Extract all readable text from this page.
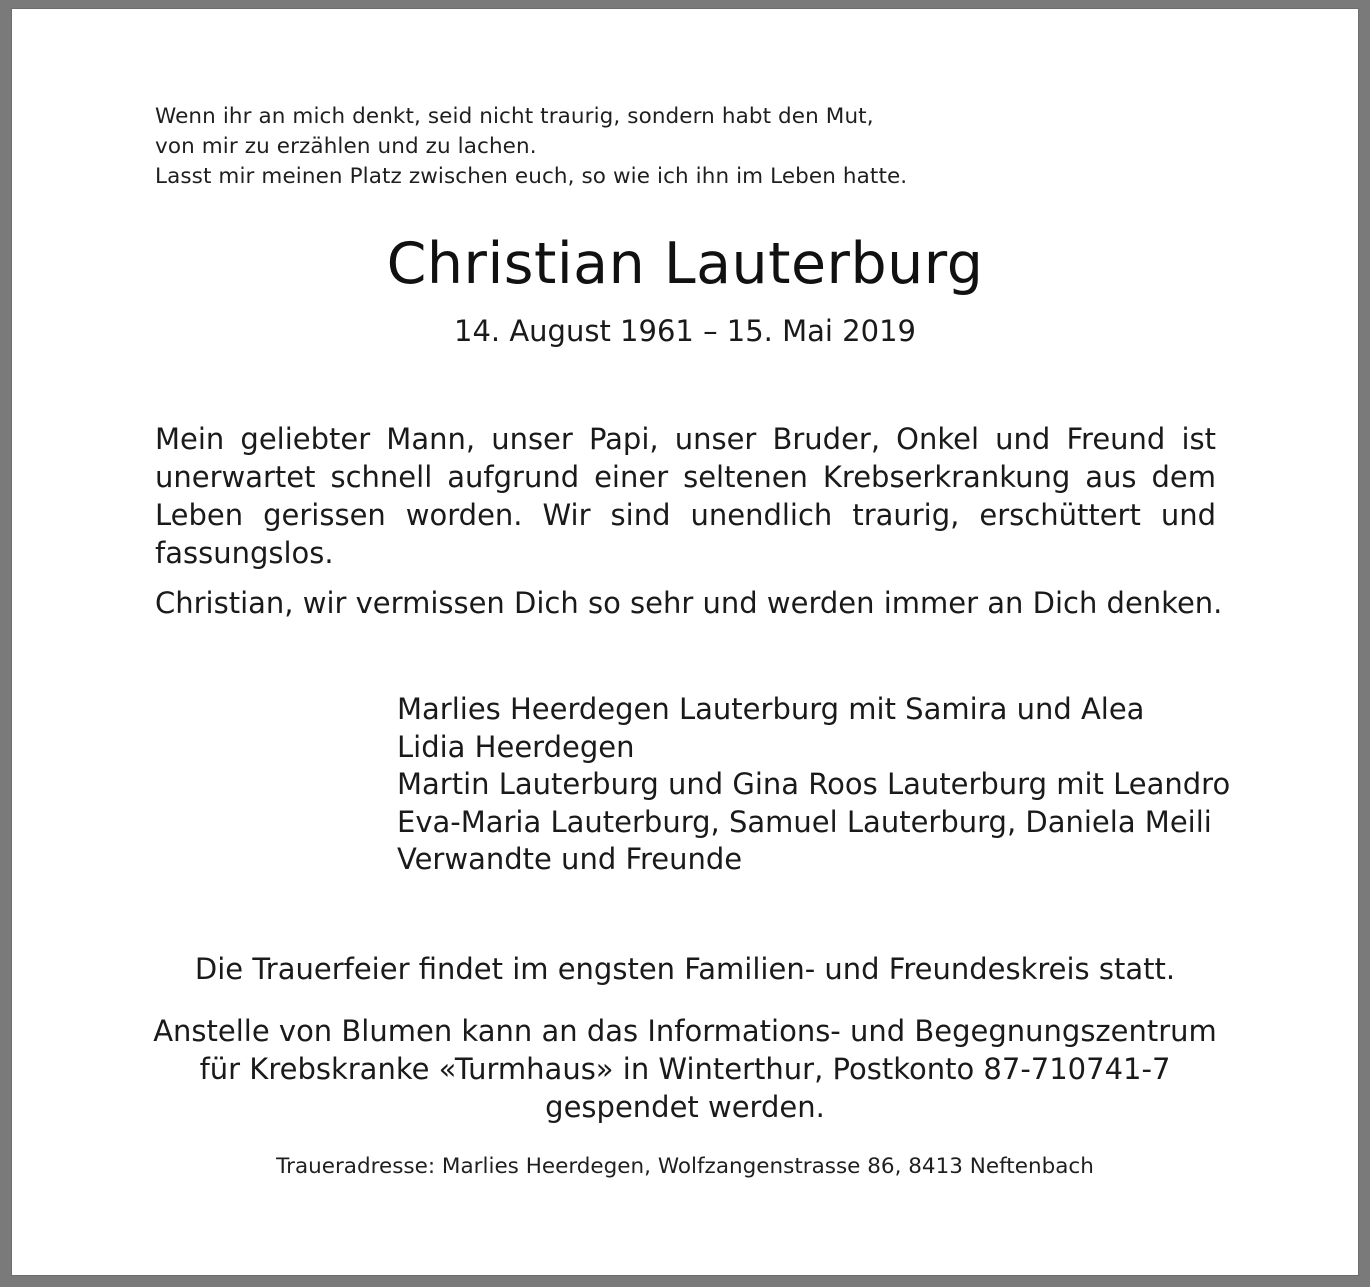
Wenn ihr an mich denkt, seid nicht traurig, sondern habt den Mut,
von mir zu erzählen und zu lachen.
Lasst mir meinen Platz zwischen euch, so wie ich ihn im Leben hatte.
Christian Lauterburg
14. August 1961 – 15. Mai 2019
Mein geliebter Mann, unser Papi, unser Bruder, Onkel und Freund ist unerwartet schnell aufgrund einer seltenen Krebserkrankung aus dem Leben gerissen worden. Wir sind unendlich traurig, erschüttert und fassungslos.
Christian, wir vermissen Dich so sehr und werden immer an Dich denken.
Marlies Heerdegen Lauterburg mit Samira und Alea
Lidia Heerdegen
Martin Lauterburg und Gina Roos Lauterburg mit Leandro
Eva-Maria Lauterburg, Samuel Lauterburg, Daniela Meili
Verwandte und Freunde
Die Trauerfeier findet im engsten Familien- und Freundeskreis statt.
Anstelle von Blumen kann an das Informations- und Begegnungszentrum
für Krebskranke «Turmhaus» in Winterthur, Postkonto 87-710741-7
gespendet werden.
Traueradresse: Marlies Heerdegen, Wolfzangenstrasse 86, 8413 Neftenbach
